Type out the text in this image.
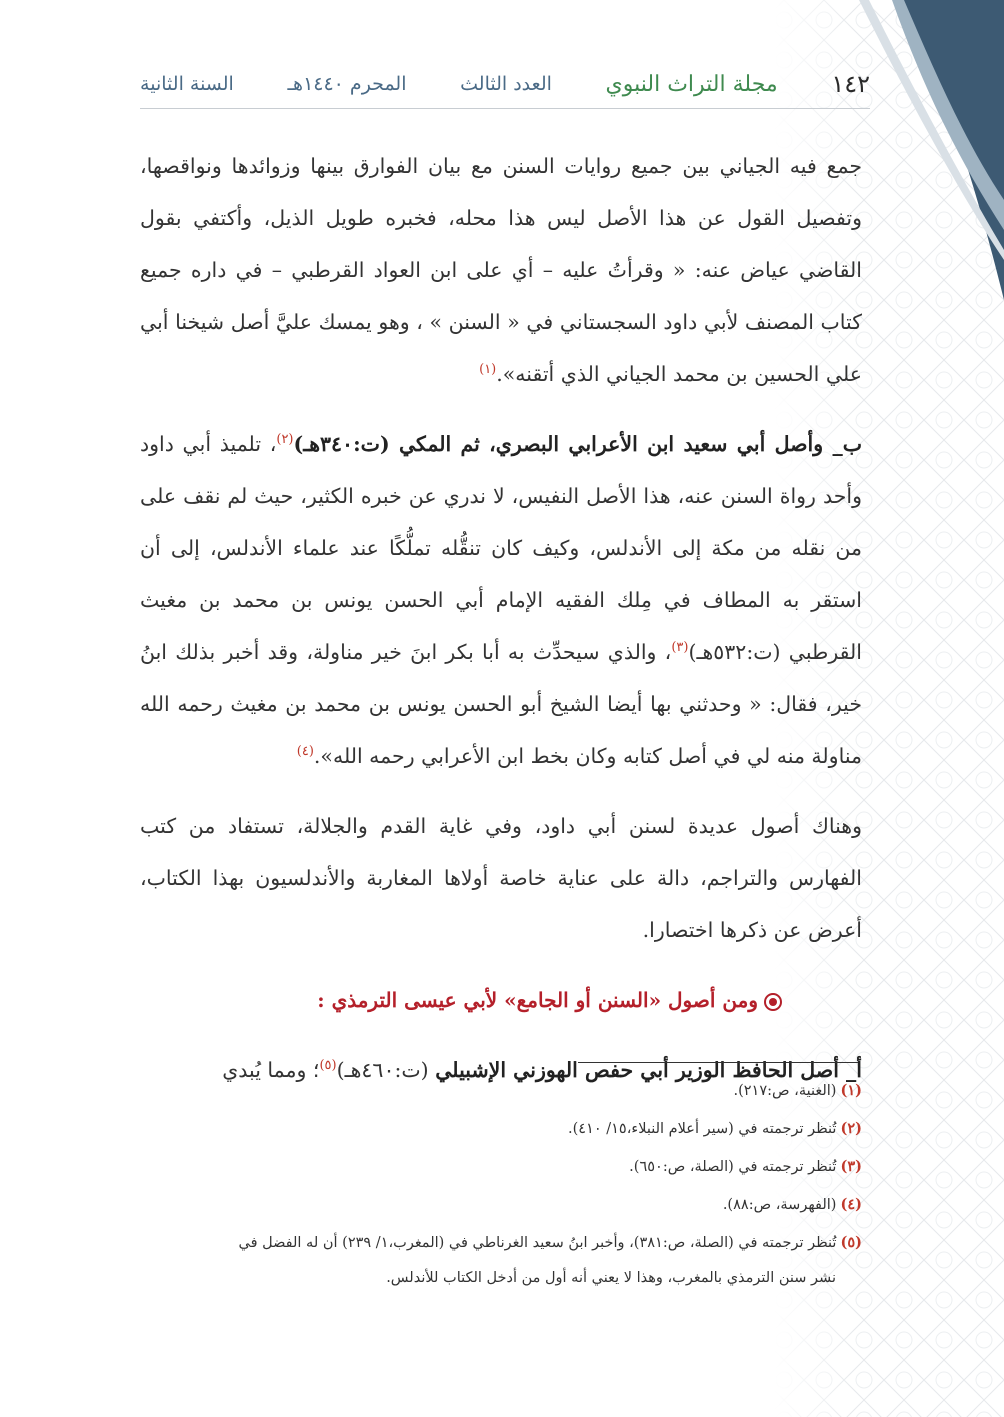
١٤٢
مجلة التراث النبوي
العدد الثالث
المحرم ١٤٤٠هـ
السنة الثانية

جمع فيه الجياني بين جميع روايات السنن مع بيان الفوارق بينها وزوائدها ونواقصها، وتفصيل القول عن هذا الأصل ليس هذا محله، فخبره طويل الذيل، وأكتفي بقول القاضي عياض عنه: « وقرأتُ عليه – أي على ابن العواد القرطبي – في داره جميع كتاب المصنف لأبي داود السجستاني في « السنن » ، وهو يمسك عليَّ أصل شيخنا أبي علي الحسين بن محمد الجياني الذي أتقنه».$^{(١)}$

ب_ وأصل أبي سعيد ابن الأعرابي البصري، ثم المكي (ت:٣٤٠هـ)$^{(٢)}$، تلميذ أبي داود وأحد رواة السنن عنه، هذا الأصل النفيس، لا ندري عن خبره الكثير، حيث لم نقف على من نقله من مكة إلى الأندلس، وكيف كان تنقُّله تملُّكًا عند علماء الأندلس، إلى أن استقر به المطاف في مِلك الفقيه الإمام أبي الحسن يونس بن محمد بن مغيث القرطبي (ت:٥٣٢هـ)$^{(٣)}$، والذي سيحدِّث به أبا بكر ابنَ خير مناولة، وقد أخبر بذلك ابنُ خير، فقال: « وحدثني بها أيضا الشيخ أبو الحسن يونس بن محمد بن مغيث رحمه الله مناولة منه لي في أصل كتابه وكان بخط ابن الأعرابي رحمه الله».$^{(٤)}$

وهناك أصول عديدة لسنن أبي داود، وفي غاية القدم والجلالة، تستفاد من كتب الفهارس والتراجم، دالة على عناية خاصة أولاها المغاربة والأندلسيون بهذا الكتاب، أعرض عن ذكرها اختصارا.

ومن أصول «السنن أو الجامع» لأبي عيسى الترمذي :

أ_ أصل الحافظ الوزير أبي حفص الهوزني الإشبيلي (ت:٤٦٠هـ)$^{(٥)}$؛ ومما يُبدي

(١)(الغنية، ص:٢١٧).

(٢)تُنظر ترجمته في (سير أعلام النبلاء،١٥/ ٤١٠).

(٣)تُنظر ترجمته في (الصلة، ص:٦٥٠).

(٤)(الفهرسة، ص:٨٨).

(٥)تُنظر ترجمته في (الصلة، ص:٣٨١)، وأخبر ابنُ سعيد الغرناطي في (المغرب،١/ ٢٣٩) أن له الفضل في

نشر سنن الترمذي بالمغرب، وهذا لا يعني أنه أول من أدخل الكتاب للأندلس.
